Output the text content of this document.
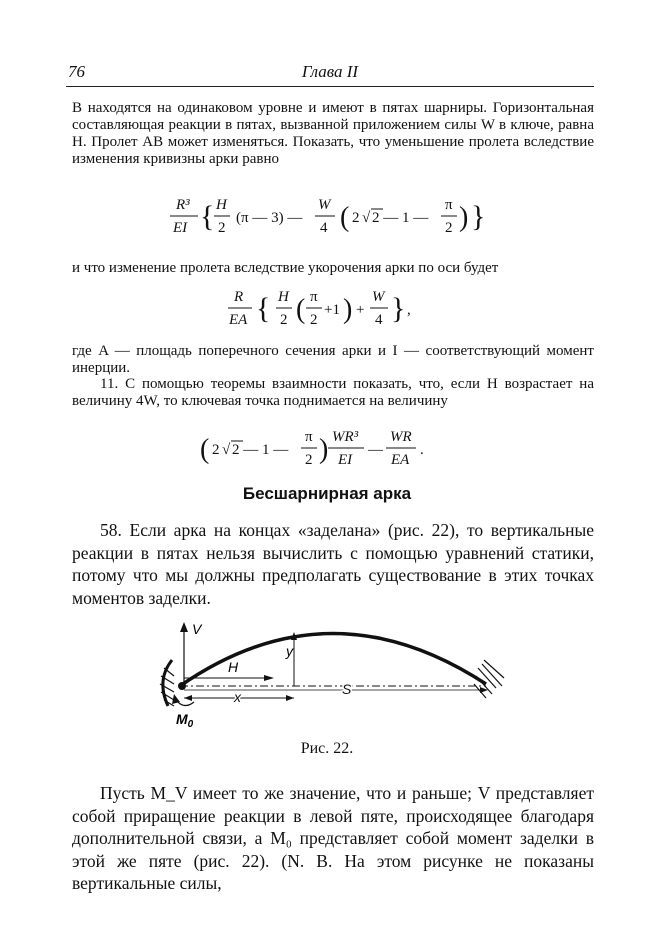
76	Глава II
B находятся на одинаковом уровне и имеют в пятах шарниры. Горизонтальная составляющая реакции в пятах, вызванной приложением силы W в ключе, равна H. Пролет AB может изменяться. Показать, что уменьшение пролета вследствие изменения кривизны арки равно
R³
EI { H
2
(π — 3) —
W
4 ( 2 √ 2 — 1 —
π
2 ) }
и что изменение пролета вследствие укорочения арки по оси будет
R
EA { H
2 ( π
2
+1 ) +
W
4 } ,
где A — площадь поперечного сечения арки и I — соответствующий момент инерции.
11. С помощью теоремы взаимности показать, что, если H возрастает на величину 4W, то ключевая точка поднимается на величину
( 2 √ 2 — 1 —
π
2 ) WR³
EI
—
WR
EA
.
Бесшарнирная арка
58. Если арка на концах «заделана» (рис. 22), то вертикальные реакции в пятах нельзя вычислить с помощью уравнений статики, потому что мы должны предполагать существование в этих точках моментов заделки.
V
H
y
x	S
$M_0$
Рис. 22.
Пусть M_V имеет то же значение, что и раньше; V представляет собой приращение реакции в левой пяте, происходящее благодаря дополнительной связи, а M₀ представляет собой момент заделки в этой же пяте (рис. 22). (N. B. На этом рисунке не показаны вертикальные силы,
